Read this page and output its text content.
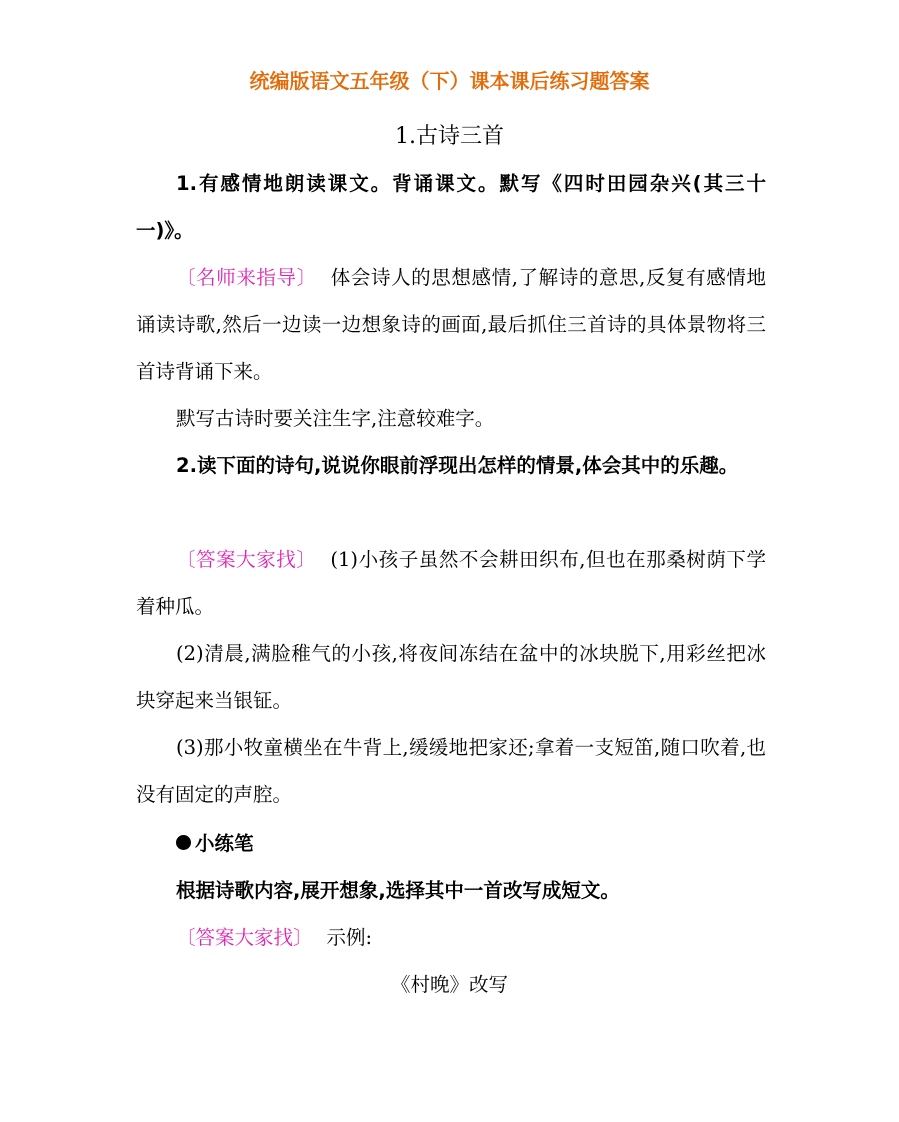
统编版语文五年级（下）课本课后练习题答案
1.古诗三首

1.有感情地朗读课文。背诵课文。默写《四时田园杂兴(其三十一)》。

〔名师来指导〕 体会诗人的思想感情,了解诗的意思,反复有感情地诵读诗歌,然后一边读一边想象诗的画面,最后抓住三首诗的具体景物将三首诗背诵下来。

默写古诗时要关注生字,注意较难字。

2.读下面的诗句,说说你眼前浮现出怎样的情景,体会其中的乐趣。

〔答案大家找〕 (1)小孩子虽然不会耕田织布,但也在那桑树荫下学着种瓜。

(2)清晨,满脸稚气的小孩,将夜间冻结在盆中的冰块脱下,用彩丝把冰块穿起来当银钲。

(3)那小牧童横坐在牛背上,缓缓地把家还;拿着一支短笛,随口吹着,也没有固定的声腔。

小练笔

根据诗歌内容,展开想象,选择其中一首改写成短文。

〔答案大家找〕 示例:

《村晚》改写
